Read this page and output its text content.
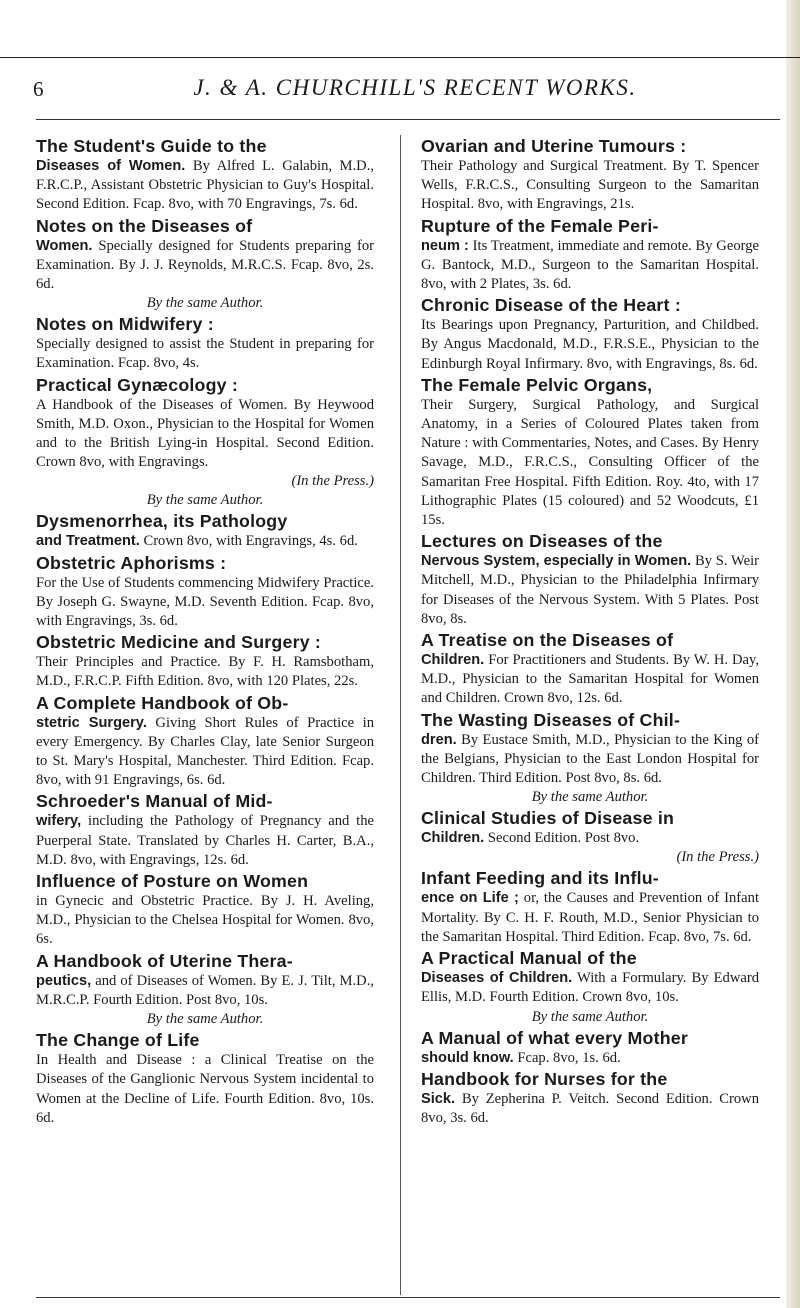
6	J. & A. CHURCHILL'S RECENT WORKS.
The Student's Guide to the
Diseases of Women. By Alfred L. Galabin, M.D., F.R.C.P., Assistant Obstetric Physician to Guy's Hospital. Second Edition. Fcap. 8vo, with 70 Engravings, 7s. 6d.
Notes on the Diseases of
Women. Specially designed for Students preparing for Examination. By J. J. Reynolds, M.R.C.S. Fcap. 8vo, 2s. 6d.
By the same Author.
Notes on Midwifery :
Specially designed to assist the Student in preparing for Examination. Fcap. 8vo, 4s.
Practical Gynæcology :
A Handbook of the Diseases of Women. By Heywood Smith, M.D. Oxon., Physician to the Hospital for Women and to the British Lying-in Hospital. Second Edition. Crown 8vo, with Engravings.
(In the Press.)
By the same Author.
Dysmenorrhea, its Pathology
and Treatment. Crown 8vo, with Engravings, 4s. 6d.
Obstetric Aphorisms :
For the Use of Students commencing Midwifery Practice. By Joseph G. Swayne, M.D. Seventh Edition. Fcap. 8vo, with Engravings, 3s. 6d.
Obstetric Medicine and Surgery :
Their Principles and Practice. By F. H. Ramsbotham, M.D., F.R.C.P. Fifth Edition. 8vo, with 120 Plates, 22s.
A Complete Handbook of Ob-
stetric Surgery. Giving Short Rules of Practice in every Emergency. By Charles Clay, late Senior Surgeon to St. Mary's Hospital, Manchester. Third Edition. Fcap. 8vo, with 91 Engravings, 6s. 6d.
Schroeder's Manual of Mid-
wifery, including the Pathology of Pregnancy and the Puerperal State. Translated by Charles H. Carter, B.A., M.D. 8vo, with Engravings, 12s. 6d.
Influence of Posture on Women
in Gynecic and Obstetric Practice. By J. H. Aveling, M.D., Physician to the Chelsea Hospital for Women. 8vo, 6s.
A Handbook of Uterine Thera-
peutics, and of Diseases of Women. By E. J. Tilt, M.D., M.R.C.P. Fourth Edition. Post 8vo, 10s.
By the same Author.
The Change of Life
In Health and Disease : a Clinical Treatise on the Diseases of the Ganglionic Nervous System incidental to Women at the Decline of Life. Fourth Edition. 8vo, 10s. 6d.
Ovarian and Uterine Tumours :
Their Pathology and Surgical Treatment. By T. Spencer Wells, F.R.C.S., Consulting Surgeon to the Samaritan Hospital. 8vo, with Engravings, 21s.
Rupture of the Female Peri-
neum : Its Treatment, immediate and remote. By George G. Bantock, M.D., Surgeon to the Samaritan Hospital. 8vo, with 2 Plates, 3s. 6d.
Chronic Disease of the Heart :
Its Bearings upon Pregnancy, Parturition, and Childbed. By Angus Macdonald, M.D., F.R.S.E., Physician to the Edinburgh Royal Infirmary. 8vo, with Engravings, 8s. 6d.
The Female Pelvic Organs,
Their Surgery, Surgical Pathology, and Surgical Anatomy, in a Series of Coloured Plates taken from Nature : with Commentaries, Notes, and Cases. By Henry Savage, M.D., F.R.C.S., Consulting Officer of the Samaritan Free Hospital. Fifth Edition. Roy. 4to, with 17 Lithographic Plates (15 coloured) and 52 Woodcuts, £1 15s.
Lectures on Diseases of the
Nervous System, especially in Women. By S. Weir Mitchell, M.D., Physician to the Philadelphia Infirmary for Diseases of the Nervous System. With 5 Plates. Post 8vo, 8s.
A Treatise on the Diseases of
Children. For Practitioners and Students. By W. H. Day, M.D., Physician to the Samaritan Hospital for Women and Children. Crown 8vo, 12s. 6d.
The Wasting Diseases of Chil-
dren. By Eustace Smith, M.D., Physician to the King of the Belgians, Physician to the East London Hospital for Children. Third Edition. Post 8vo, 8s. 6d.
By the same Author.
Clinical Studies of Disease in
Children. Second Edition. Post 8vo.
(In the Press.)
Infant Feeding and its Influ-
ence on Life ; or, the Causes and Prevention of Infant Mortality. By C. H. F. Routh, M.D., Senior Physician to the Samaritan Hospital. Third Edition. Fcap. 8vo, 7s. 6d.
A Practical Manual of the
Diseases of Children. With a Formulary. By Edward Ellis, M.D. Fourth Edition. Crown 8vo, 10s.
By the same Author.
A Manual of what every Mother
should know. Fcap. 8vo, 1s. 6d.
Handbook for Nurses for the
Sick. By Zepherina P. Veitch. Second Edition. Crown 8vo, 3s. 6d.
